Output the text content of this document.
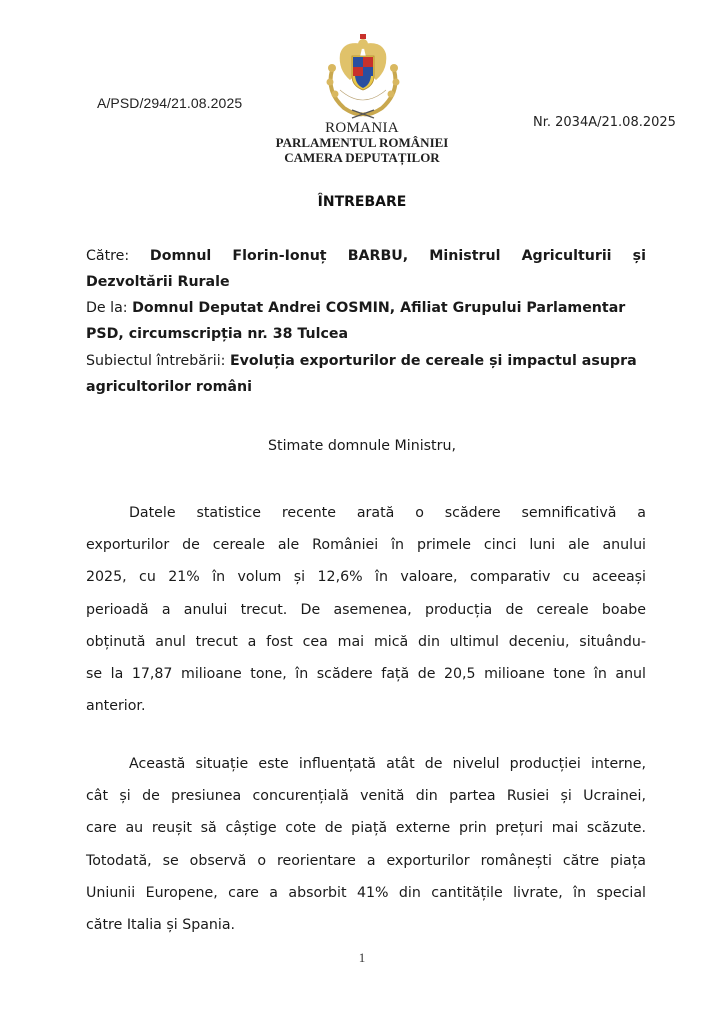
A/PSD/294/21.08.2025
Nr. 2034A/21.08.2025
ROMANIA
PARLAMENTUL ROMÂNIEI
CAMERA DEPUTAȚILOR
ÎNTREBARE
Către: Domnul Florin-Ionuț BARBU, Ministrul Agriculturii și
Dezvoltării Rurale
De la: Domnul Deputat Andrei COSMIN, Afiliat Grupului Parlamentar
PSD, circumscripția nr. 38 Tulcea
Subiectul întrebării: Evoluția exporturilor de cereale și impactul asupra
agricultorilor români
Stimate domnule Ministru,
Datele statistice recente arată o scădere semnificativă a
exporturilor de cereale ale României în primele cinci luni ale anului
2025, cu 21% în volum și 12,6% în valoare, comparativ cu aceeași
perioadă a anului trecut. De asemenea, producția de cereale boabe
obținută anul trecut a fost cea mai mică din ultimul deceniu, situându-
se la 17,87 milioane tone, în scădere față de 20,5 milioane tone în anul
anterior.
Această situație este influențată atât de nivelul producției interne,
cât și de presiunea concurențială venită din partea Rusiei și Ucrainei,
care au reușit să câștige cote de piață externe prin prețuri mai scăzute.
Totodată, se observă o reorientare a exporturilor românești către piața
Uniunii Europene, care a absorbit 41% din cantitățile livrate, în special
către Italia și Spania.
1
